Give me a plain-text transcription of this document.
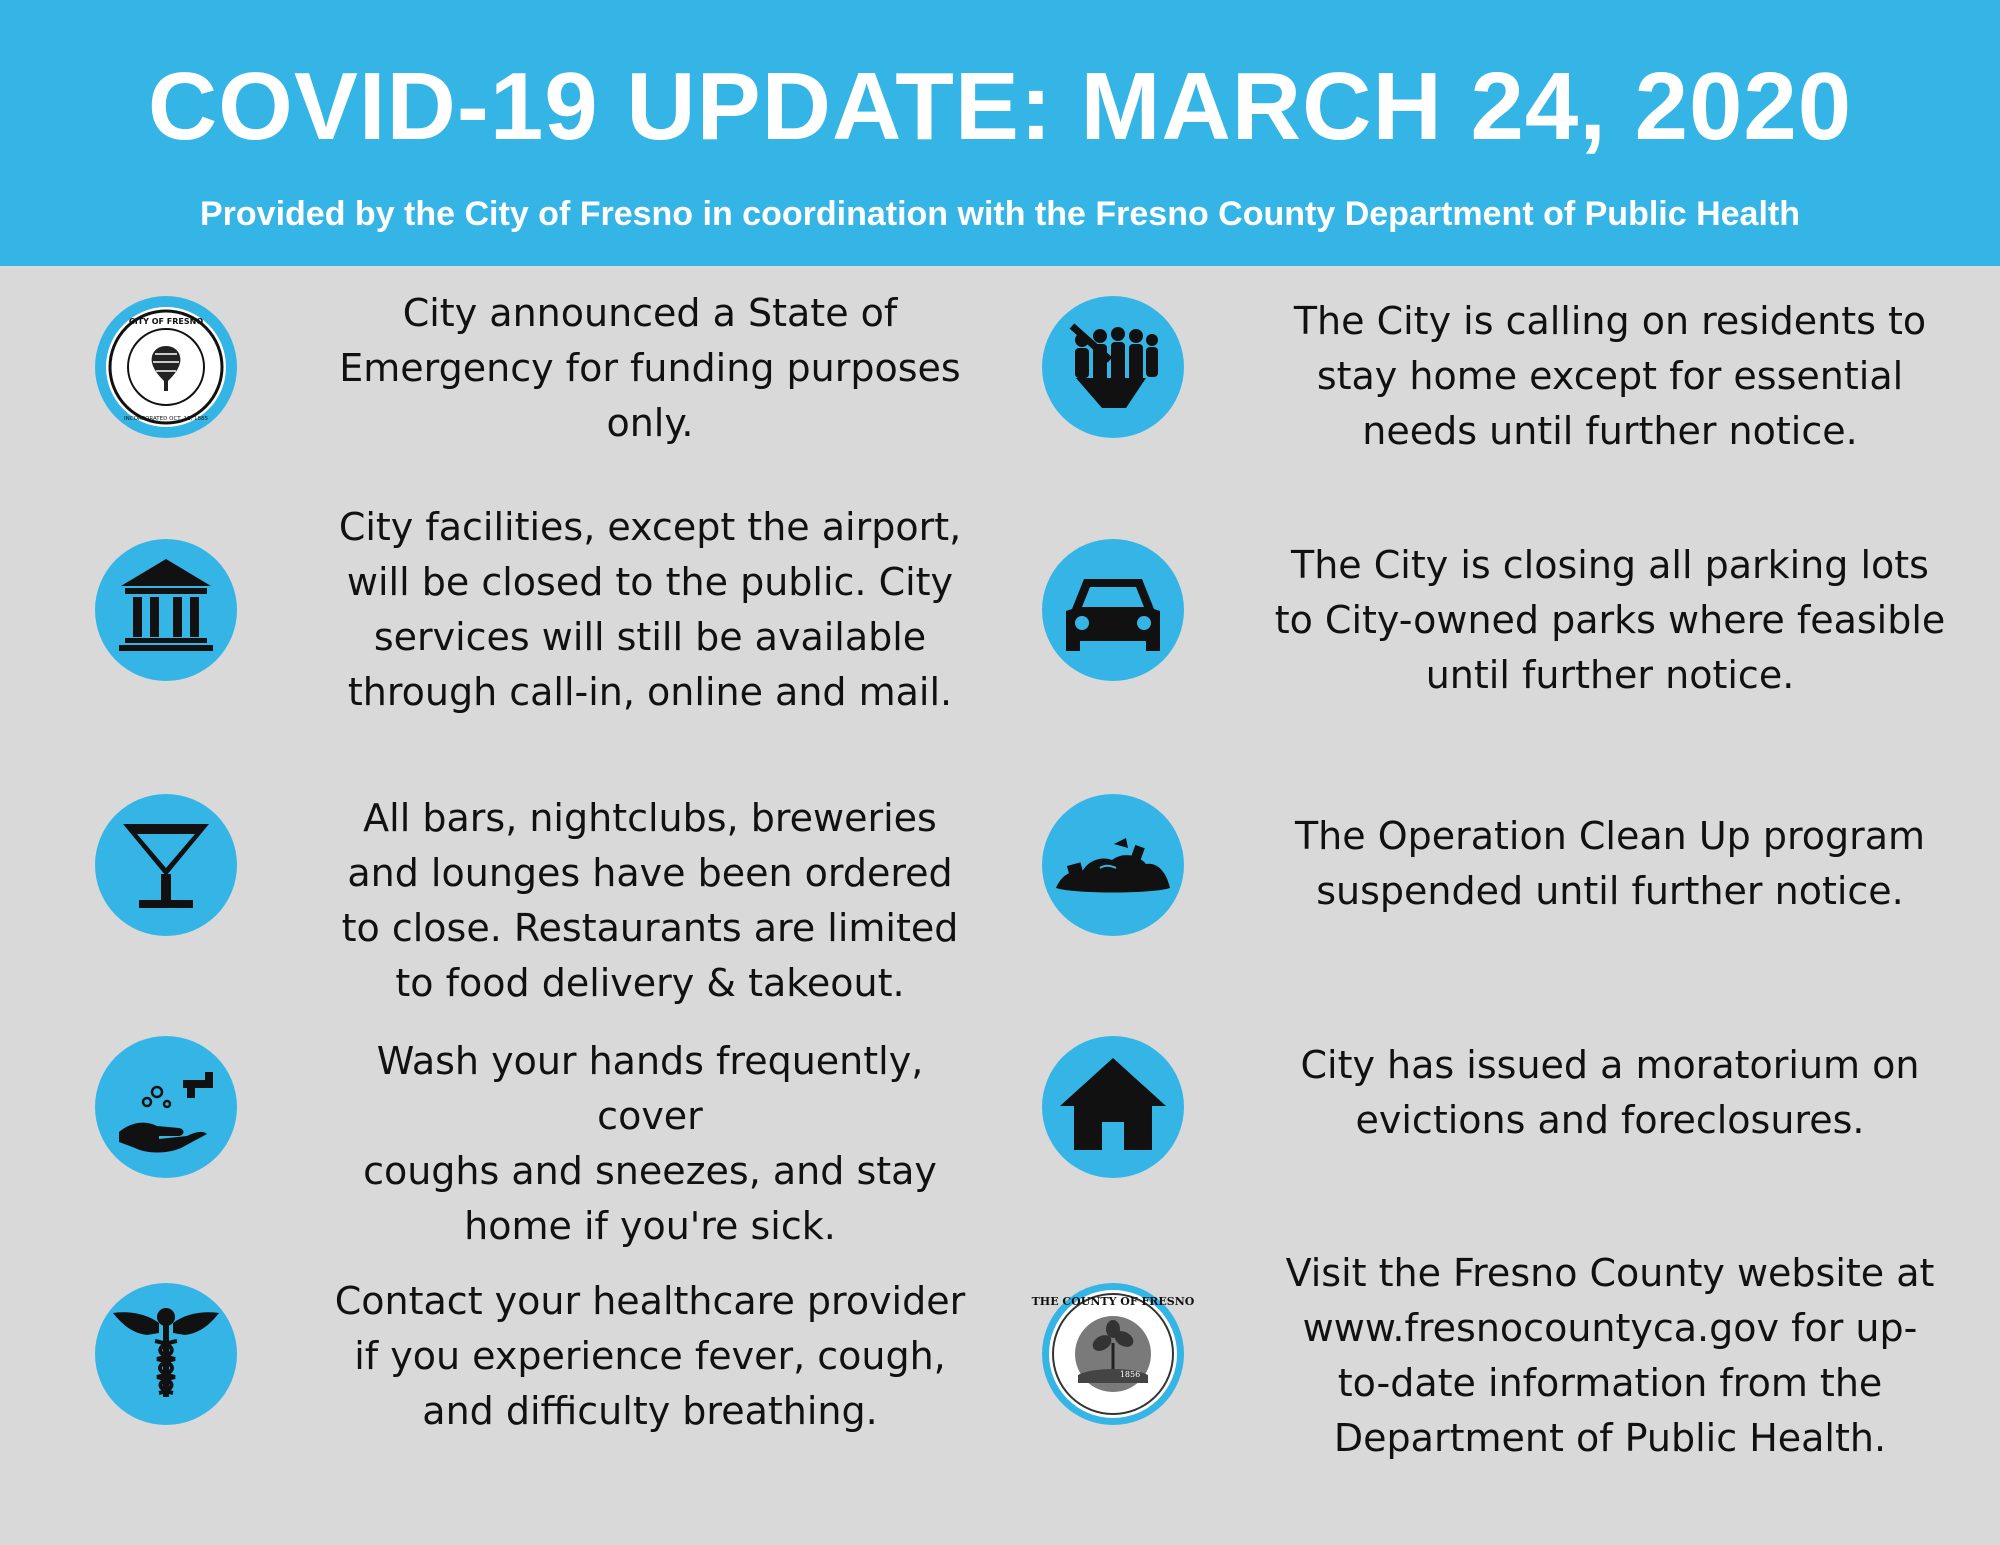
COVID-19 UPDATE: MARCH 24, 2020
Provided by the City of Fresno in coordination with the Fresno County Department of Public Health
CITY OF FRESNO
INCORPORATED OCT. 12, 1885
City announced a State of
Emergency for funding purposes
only.
City facilities, except the airport,
will be closed to the public. City
services will still be available
through call-in, online and mail.
All bars, nightclubs, breweries
and lounges have been ordered
to close. Restaurants are limited
to food delivery & takeout.
Wash your hands frequently, cover
coughs and sneezes, and stay
home if you're sick.
Contact your healthcare provider
if you experience fever, cough,
and difficulty breathing.
The City is calling on residents to
stay home except for essential
needs until further notice.
The City is closing all parking lots
to City-owned parks where feasible
until further notice.
The Operation Clean Up program
suspended until further notice.
City has issued a moratorium on
evictions and foreclosures.
THE COUNTY OF FRESNO
1856
Visit the Fresno County website at
www.fresnocountyca.gov for up-
to-date information from the
Department of Public Health.
